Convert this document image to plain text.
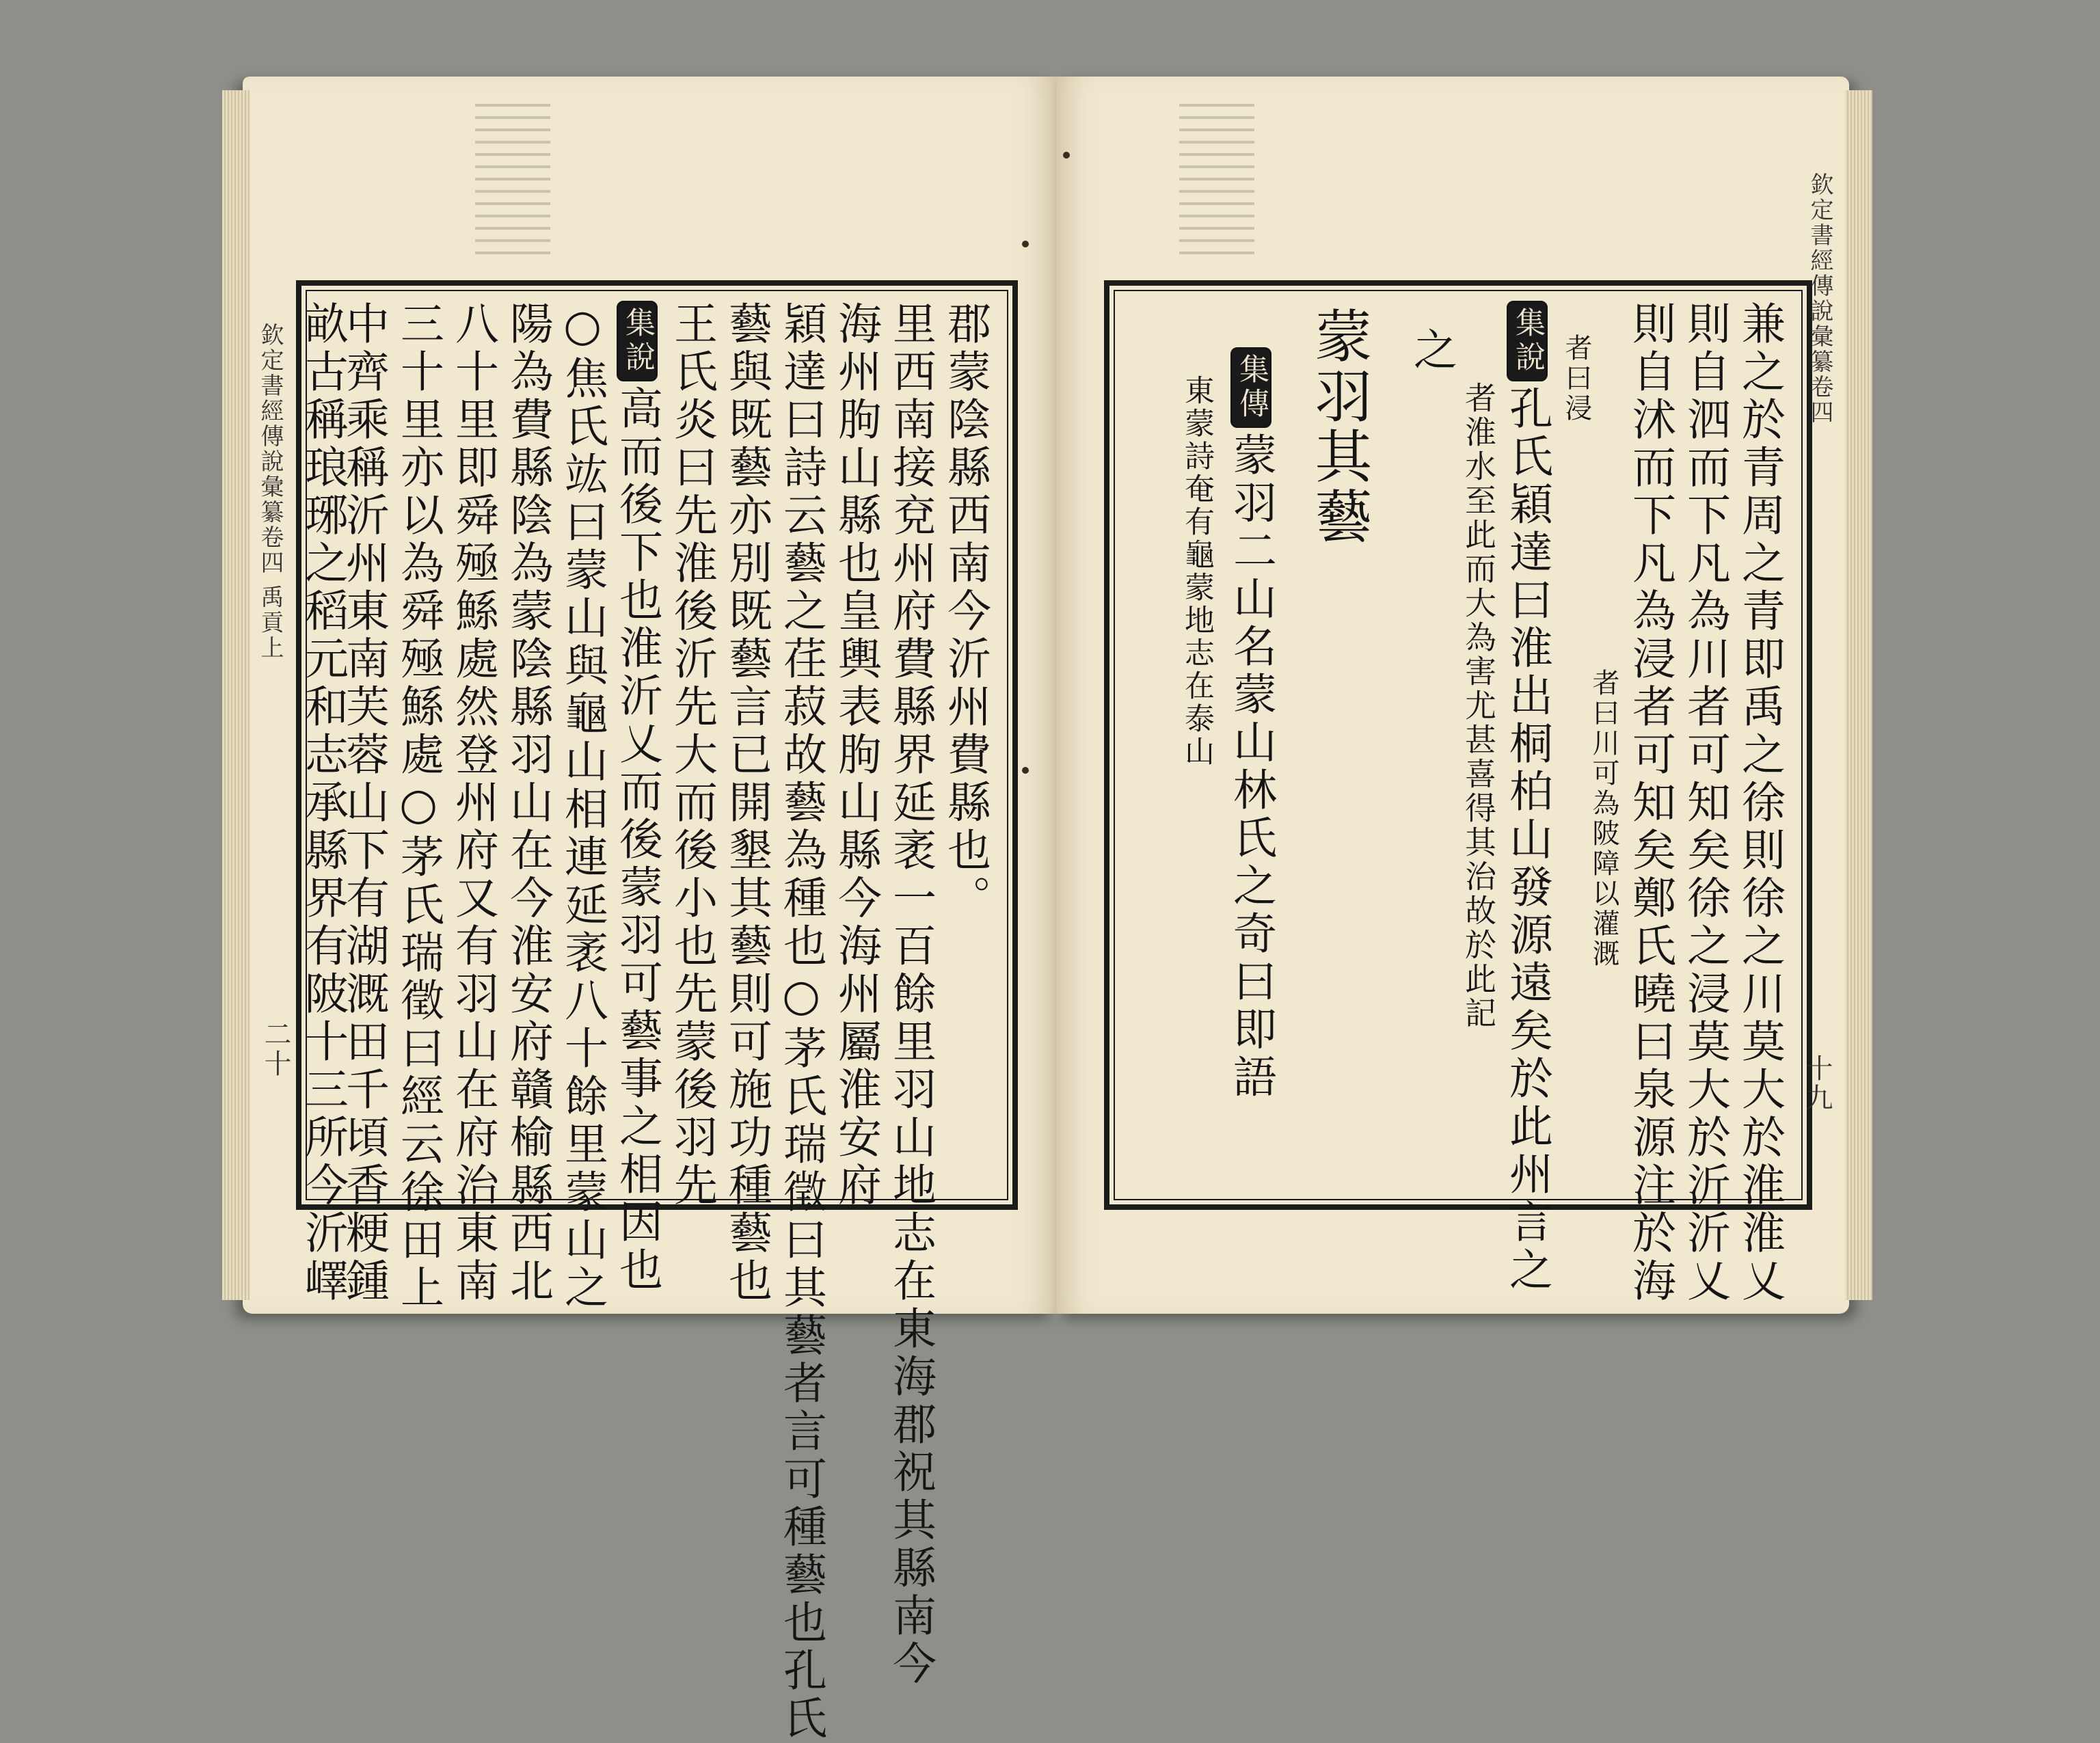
郡蒙陰縣西南今沂州費縣也。
里西南接兗州府費縣界延袤一百餘里羽山地志在東海郡祝其縣南今
海州朐山縣也皇輿表朐山縣今海州屬淮安府
穎達曰詩云藝之荏菽故藝為種也○茅氏瑞徵曰其藝者言可種藝也孔氏
藝與既藝亦別既藝言已開墾其藝則可施功種藝也
王氏炎曰先淮後沂先大而後小也先蒙後羽先
集說高而後下也淮沂乂而後蒙羽可藝事之相因也
○焦氏竑曰蒙山與龜山相連延袤八十餘里蒙山之
陽為費縣陰為蒙陰縣羽山在今淮安府贛榆縣西北
八十里即舜殛鯀處然登州府又有羽山在府治東南
三十里亦以為舜殛鯀處○茅氏瑞徵曰經云徐田上
中齊乘稱沂州東南芙蓉山下有湖溉田千頃香粳鍾
畝古稱琅琊之稻元和志承縣界有陂十三所今沂嶧
欽定書經傳說彙纂卷四 禹貢上
二十	兼之於青周之青即禹之徐則徐之川莫大於淮淮乂
則自泗而下凡為川者可知矣徐之浸莫大於沂沂乂
則自沭而下凡為浸者可知矣鄭氏曉曰泉源注於海
者曰川可為陂障以灌溉
者曰浸
集說孔氏穎達曰淮出桐柏山發源遠矣於此州言之
者淮水至此而大為害尤甚喜得其治故於此記
之
蒙羽其藝
集傳蒙羽二山名蒙山林氏之奇曰即語
東蒙詩奄有龜蒙地志在泰山
欽定書經傳說彙纂卷四
十九
